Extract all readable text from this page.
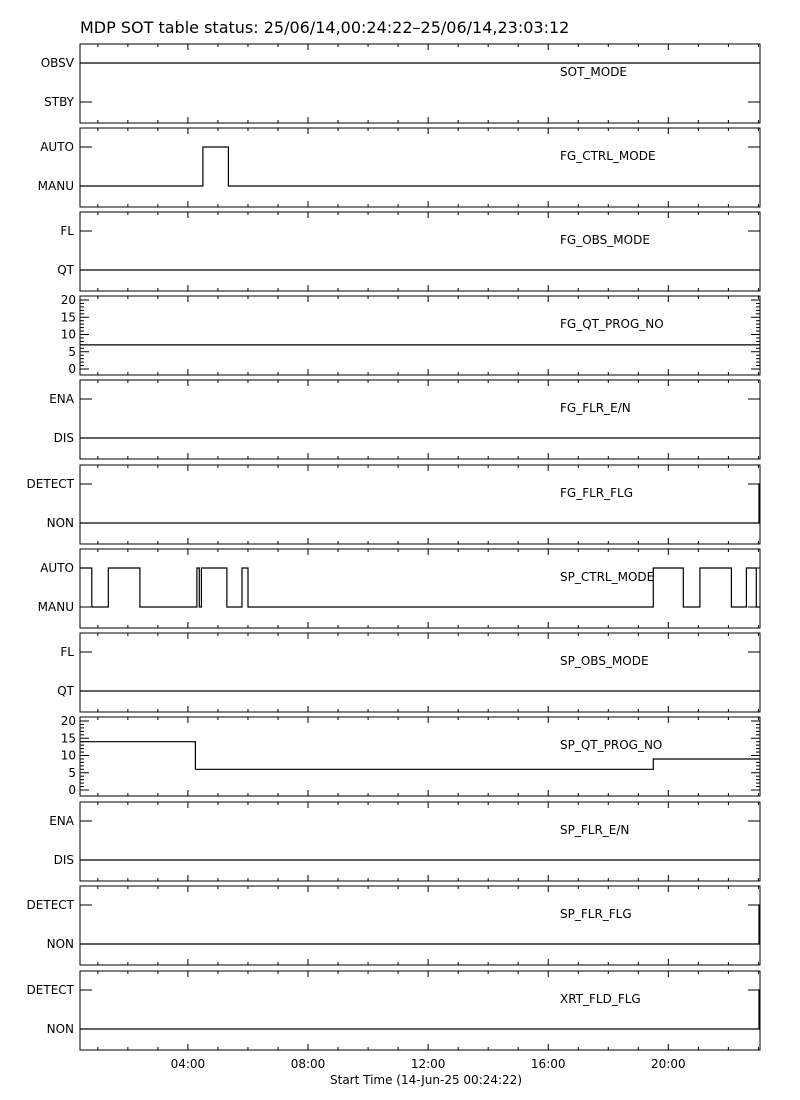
MDP SOT table status: 25/06/14,00:24:22–25/06/14,23:03:12
SOT_MODE
STBY
OBSV
FG_CTRL_MODE
MANU
AUTO
FG_OBS_MODE
QT
FL
FG_QT_PROG_NO
0
5
10
15
20
FG_FLR_E/N
DIS
ENA
FG_FLR_FLG
NON
DETECT
SP_CTRL_MODE
MANU
AUTO
SP_OBS_MODE
QT
FL
SP_QT_PROG_NO
0
5
10
15
20
SP_FLR_E/N
DIS
ENA
SP_FLR_FLG
NON
DETECT
XRT_FLD_FLG
NON
DETECT
04:00	08:00	12:00	16:00	20:00
Start Time (14-Jun-25 00:24:22)
